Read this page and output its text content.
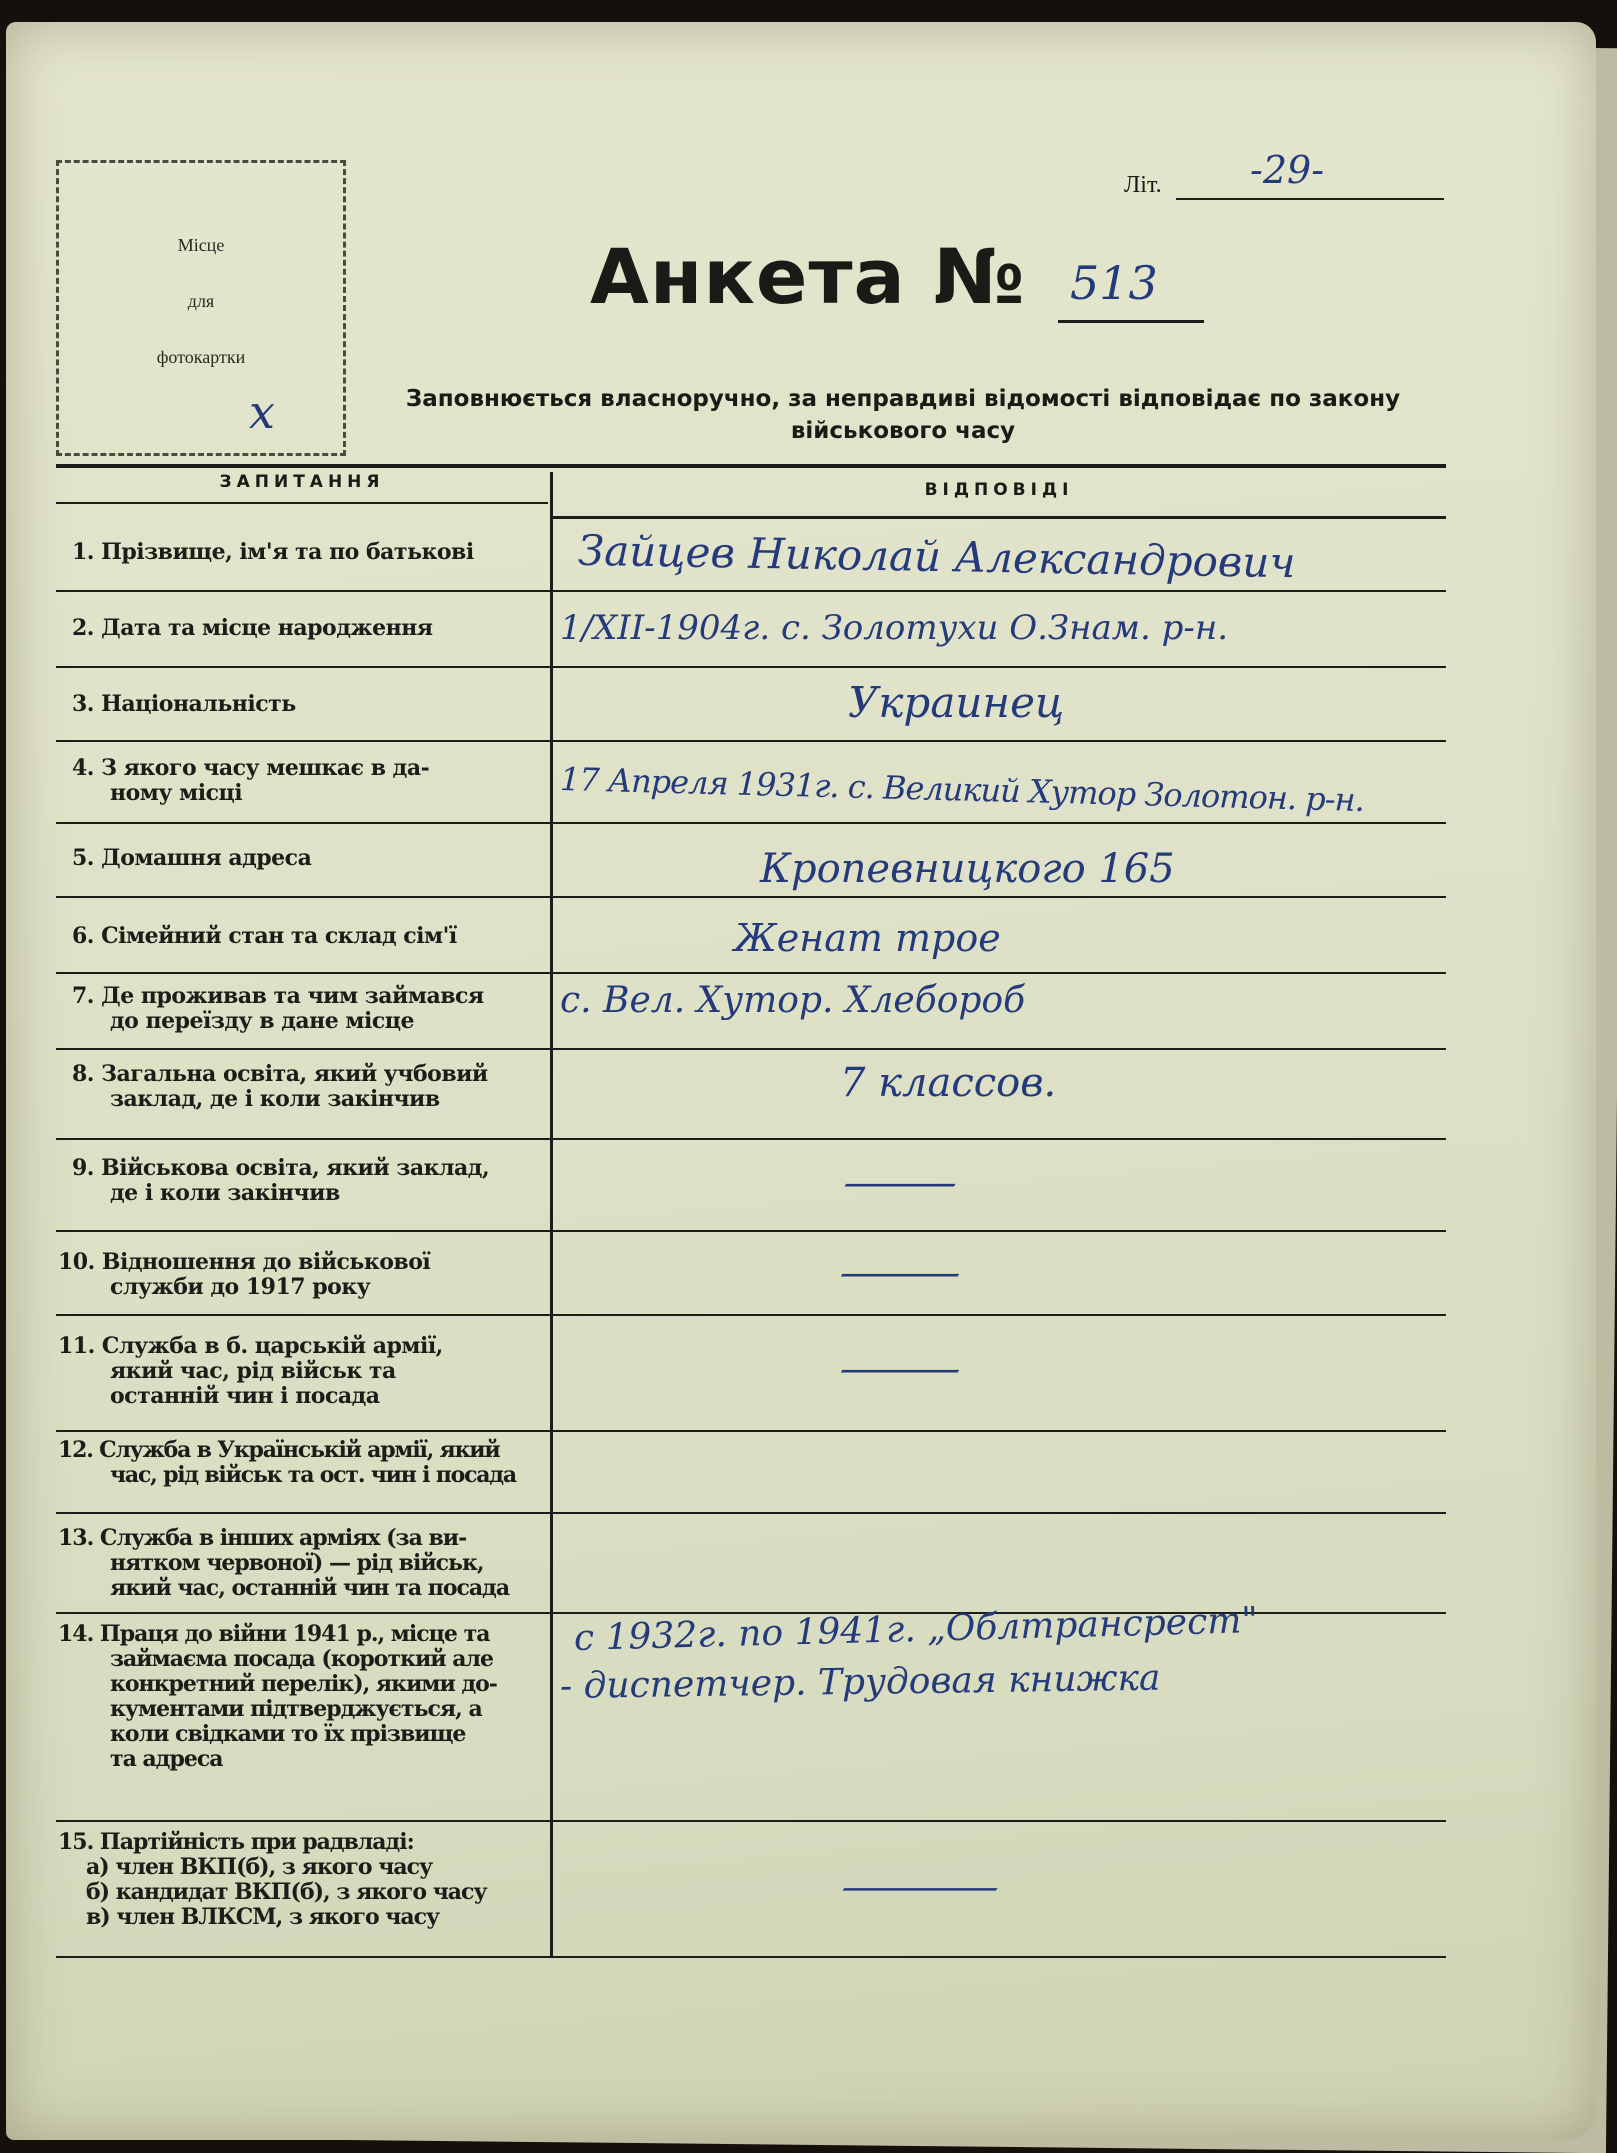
Літ. -29-
Місце
для
фотокартки
x
Анкета № 513
Заповнюється власноручно, за неправдиві відомості відповідає по закону
військового часу
ЗАПИТАННЯ	ВІДПОВІДІ
1. Прізвище, ім'я та по батькові
2. Дата та місце народження
3. Національність
4. З якого часу мешкає в да-
ному місці
5. Домашня адреса
6. Сімейний стан та склад сім'ї
7. Де проживав та чим займався
до переїзду в дане місце
8. Загальна освіта, який учбовий
заклад, де і коли закінчив
9. Військова освіта, який заклад,
де і коли закінчив
10. Відношення до військової
служби до 1917 року
11. Служба в б. царській армії,
який час, рід військ та
останній чин і посада
12. Служба в Українській армії, який
час, рід військ та ост. чин і посада
13. Служба в інших арміях (за ви-
нятком червоної) — рід військ,
який час, останній чин та посада
14. Праця до війни 1941 р., місце та
займаєма посада (короткий але
конкретний перелік), якими до-
кументами підтверджується, а
коли свідками то їх прізвище
та адреса
15. Партійність при радвладі:
а) член ВКП(б), з якого часу
б) кандидат ВКП(б), з якого часу
в) член ВЛКСМ, з якого часу
Зайцев Николай Александрович
1/XII-1904г. с. Золотухи О.Знам. р-н.
Украинец
17 Апреля 1931г. с. Великий Хутор Золотон. р-н.
Кропевницкого 165
Женат трое
с. Вел. Хутор. Хлебороб
7 классов.
—
—
—
с 1932г. по 1941г. „Облтрансрест"
- диспетчер. Трудовая книжка
—
